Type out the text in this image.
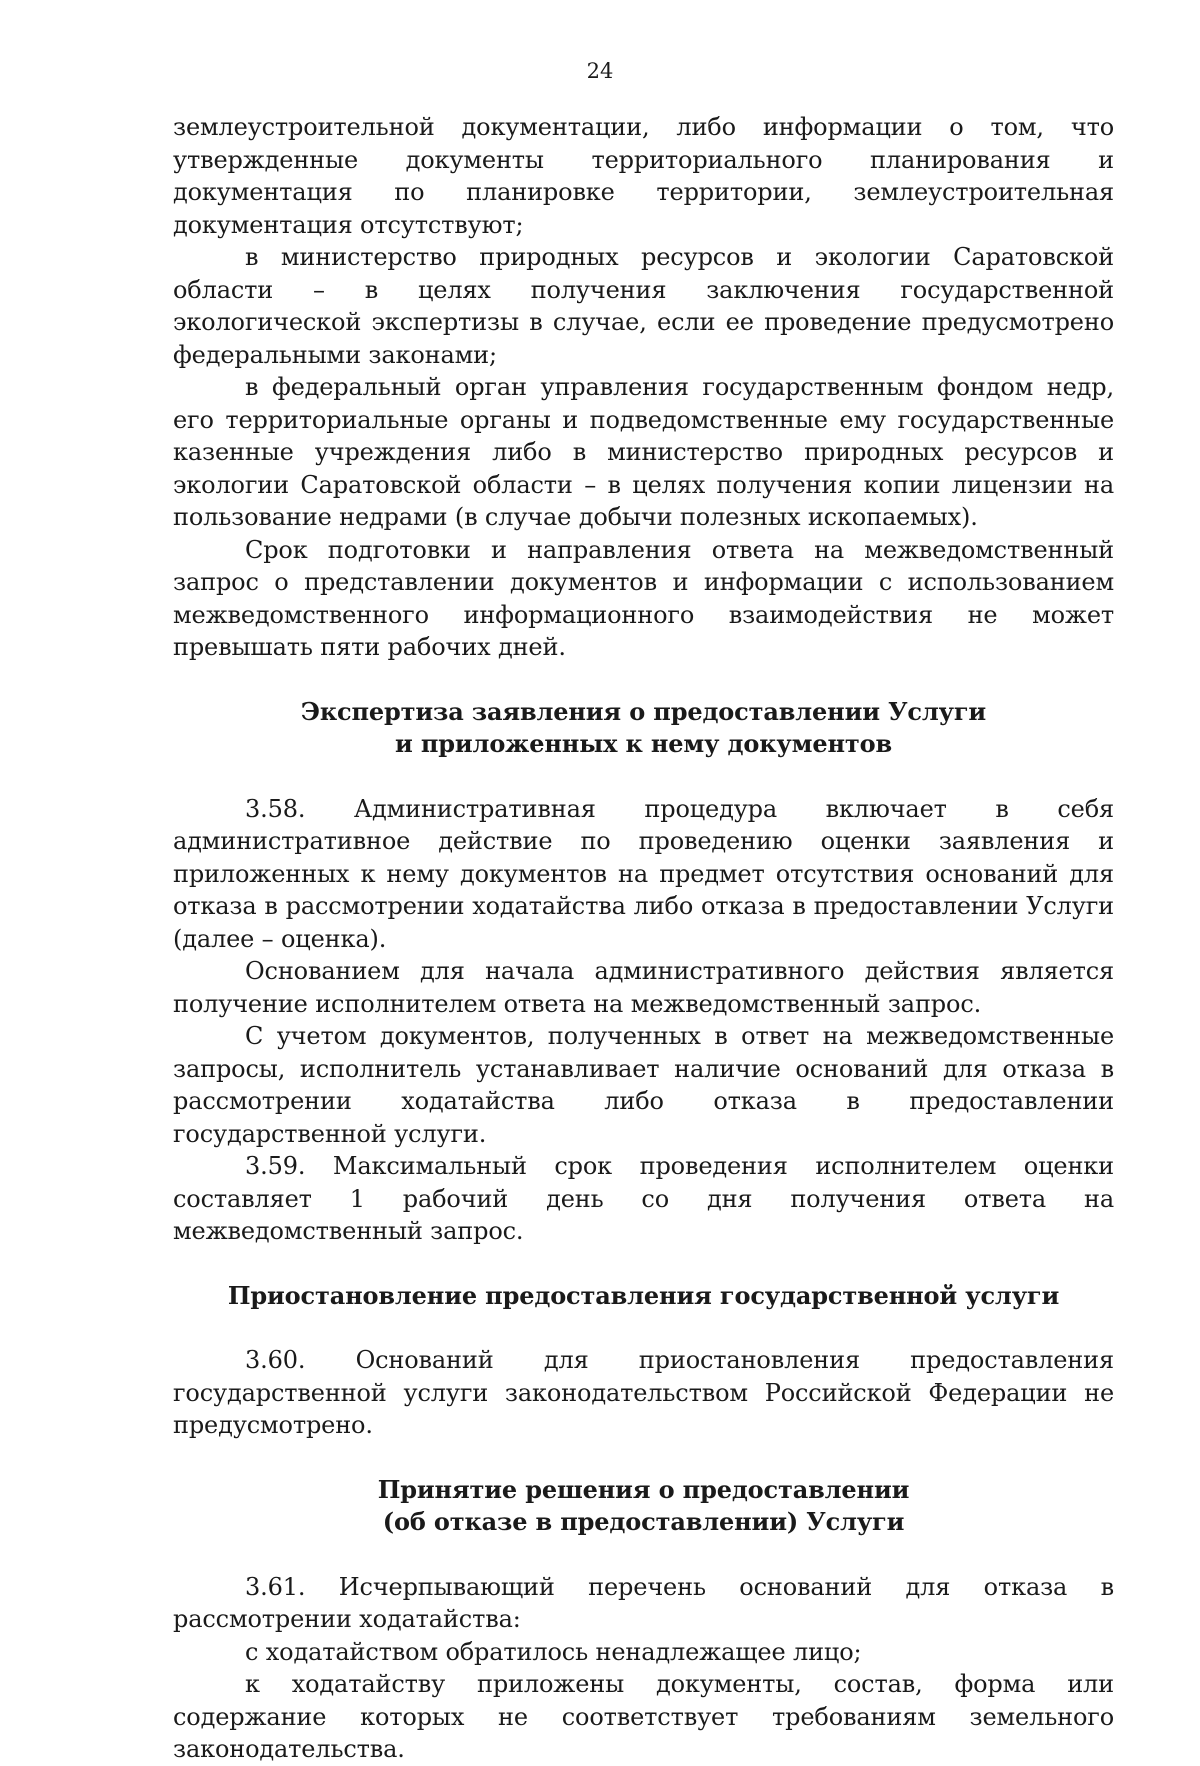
24

землеустроительной документации, либо информации о том, что утвержденные документы территориального планирования и документация по планировке территории, землеустроительная документация отсутствуют;

в министерство природных ресурсов и экологии Саратовской области – в целях получения заключения государственной экологической экспертизы в случае, если ее проведение предусмотрено федеральными законами;

в федеральный орган управления государственным фондом недр, его территориальные органы и подведомственные ему государственные казенные учреждения либо в министерство природных ресурсов и экологии Саратовской области – в целях получения копии лицензии на пользование недрами (в случае добычи полезных ископаемых).

Срок подготовки и направления ответа на межведомственный запрос о представлении документов и информации с использованием межведомственного информационного взаимодействия не может превышать пяти рабочих дней.

Экспертиза заявления о предоставлении Услуги
и приложенных к нему документов

3.58. Административная процедура включает в себя административное действие по проведению оценки заявления и приложенных к нему документов на предмет отсутствия оснований для отказа в рассмотрении ходатайства либо отказа в предоставлении Услуги (далее – оценка).

Основанием для начала административного действия является получение исполнителем ответа на межведомственный запрос.

С учетом документов, полученных в ответ на межведомственные запросы, исполнитель устанавливает наличие оснований для отказа в рассмотрении ходатайства либо отказа в предоставлении государственной услуги.

3.59. Максимальный срок проведения исполнителем оценки составляет 1 рабочий день со дня получения ответа на межведомственный запрос.

Приостановление предоставления государственной услуги

3.60. Оснований для приостановления предоставления государственной услуги законодательством Российской Федерации не предусмотрено.

Принятие решения о предоставлении
(об отказе в предоставлении) Услуги

3.61. Исчерпывающий перечень оснований для отказа в рассмотрении ходатайства:

с ходатайством обратилось ненадлежащее лицо;

к ходатайству приложены документы, состав, форма или содержание которых не соответствует требованиям земельного законодательства.
